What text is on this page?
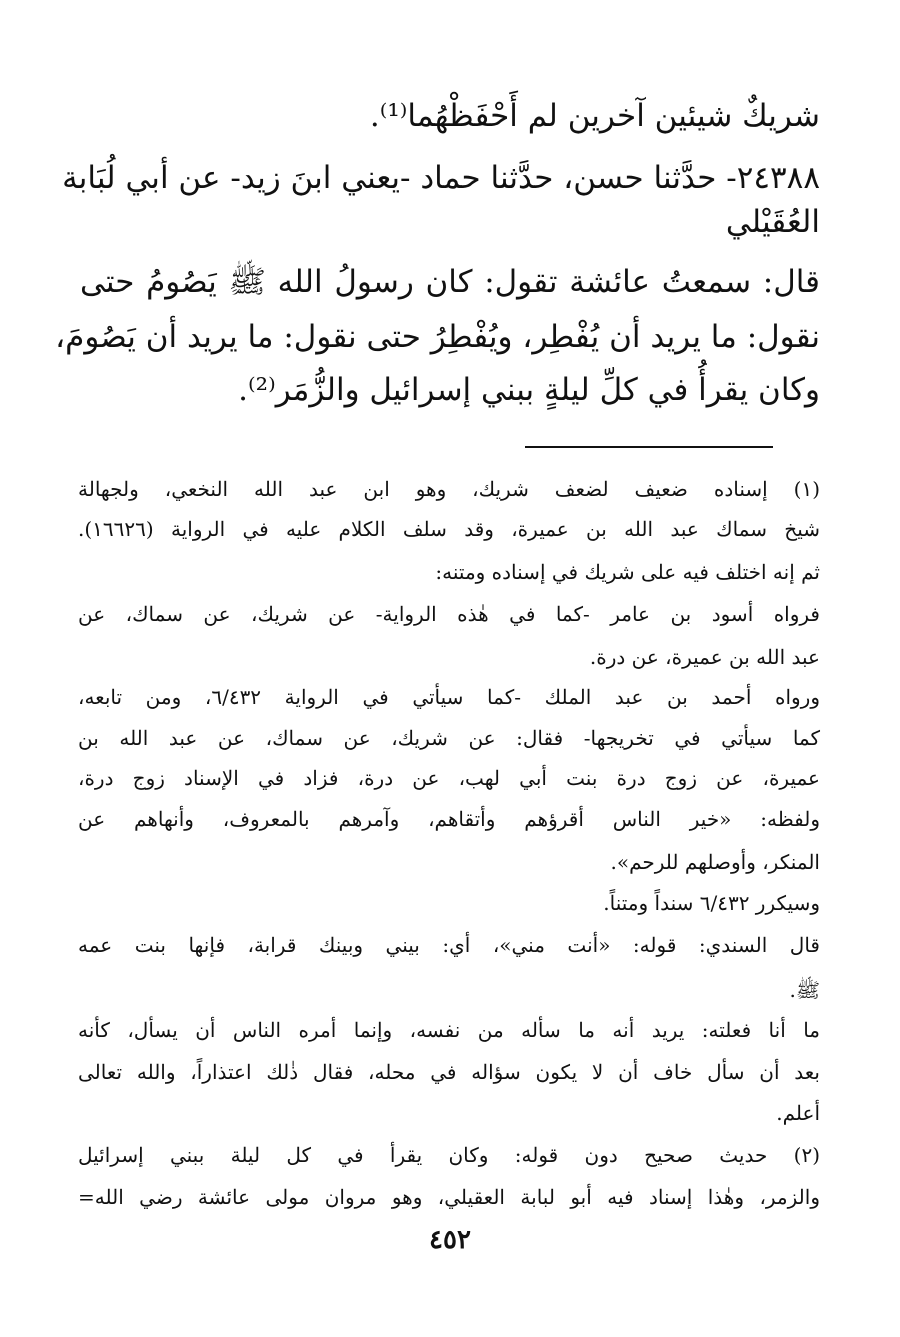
شريكٌ شيئين آخرين لم أَحْفَظْهُما⁽¹⁾.
٢٤٣٨٨- حدَّثنا حسن، حدَّثنا حماد -يعني ابنَ زيد- عن أبي لُبَابة
العُقَيْلي
قال: سمعتُ عائشة تقول: كان رسولُ الله ﷺ يَصُومُ حتى
نقول: ما يريد أن يُفْطِر، ويُفْطِرُ حتى نقول: ما يريد أن يَصُومَ،
وكان يقرأُ في كلِّ ليلةٍ ببني إسرائيل والزُّمَر⁽²⁾.
(١) إسناده ضعيف لضعف شريك، وهو ابن عبد الله النخعي، ولجهالة
شيخ سماك عبد الله بن عميرة، وقد سلف الكلام عليه في الرواية (١٦٦٢٦).
ثم إنه اختلف فيه على شريك في إسناده ومتنه:
فرواه أسود بن عامر -كما في هٰذه الرواية- عن شريك، عن سماك، عن
عبد الله بن عميرة، عن درة.
ورواه أحمد بن عبد الملك -كما سيأتي في الرواية ٦/٤٣٢، ومن تابعه،
كما سيأتي في تخريجها- فقال: عن شريك، عن سماك، عن عبد الله بن
عميرة، عن زوج درة بنت أبي لهب، عن درة، فزاد في الإسناد زوج درة،
ولفظه: «خير الناس أقرؤهم وأتقاهم، وآمرهم بالمعروف، وأنهاهم عن
المنكر، وأوصلهم للرحم».
وسيكرر ٦/٤٣٢ سنداً ومتناً.
قال السندي: قوله: «أنت مني»، أي: بيني وبينك قرابة، فإنها بنت عمه
ﷺ.
ما أنا فعلته: يريد أنه ما سأله من نفسه، وإنما أمره الناس أن يسأل، كأنه
بعد أن سأل خاف أن لا يكون سؤاله في محله، فقال ذٰلك اعتذاراً، والله تعالى
أعلم.
(٢) حديث صحيح دون قوله: وكان يقرأ في كل ليلة ببني إسرائيل
والزمر، وهٰذا إسناد فيه أبو لبابة العقيلي، وهو مروان مولى عائشة رضي الله=
٤٥٢
